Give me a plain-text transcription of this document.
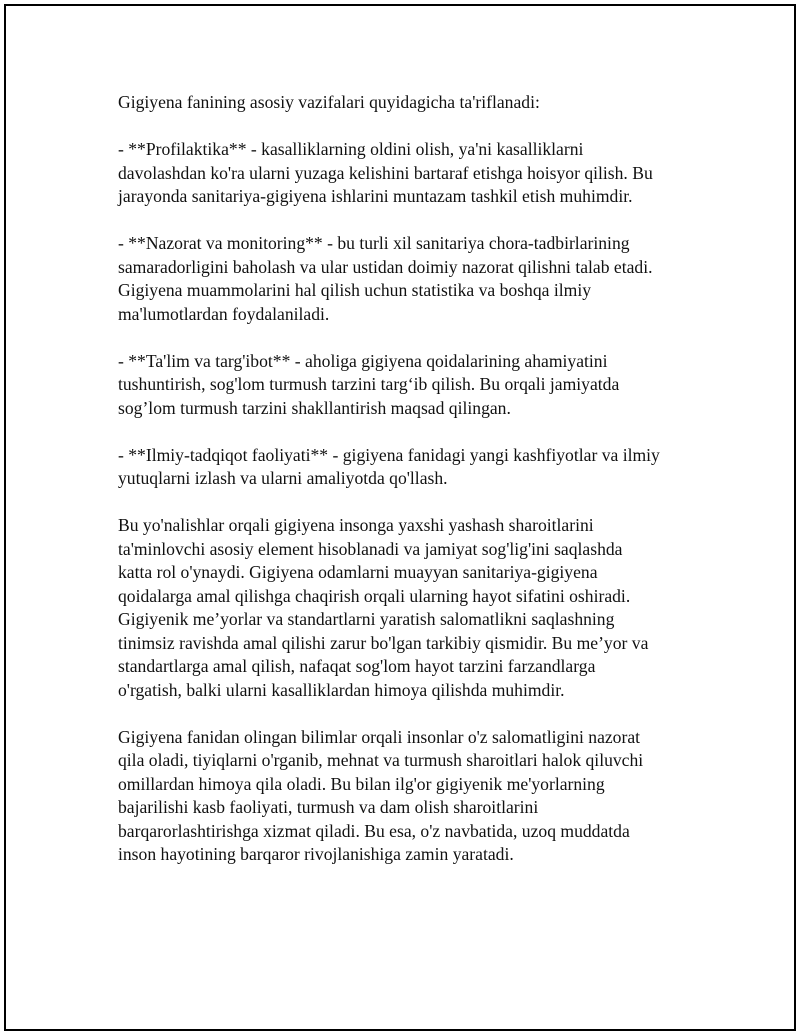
Gigiyena fanining asosiy vazifalari quyidagicha ta'riflanadi:

- **Profilaktika** - kasalliklarning oldini olish, ya'ni kasalliklarni
davolashdan ko'ra ularni yuzaga kelishini bartaraf etishga hoisyor qilish. Bu
jarayonda sanitariya-gigiyena ishlarini muntazam tashkil etish muhimdir.

- **Nazorat va monitoring** - bu turli xil sanitariya chora-tadbirlarining
samaradorligini baholash va ular ustidan doimiy nazorat qilishni talab etadi.
Gigiyena muammolarini hal qilish uchun statistika va boshqa ilmiy
ma'lumotlardan foydalaniladi.

- **Ta'lim va targ'ibot** - aholiga gigiyena qoidalarining ahamiyatini
tushuntirish, sog'lom turmush tarzini targ‘ib qilish. Bu orqali jamiyatda
sog’lom turmush tarzini shakllantirish maqsad qilingan.

- **Ilmiy-tadqiqot faoliyati** - gigiyena fanidagi yangi kashfiyotlar va ilmiy
yutuqlarni izlash va ularni amaliyotda qo'llash.

Bu yo'nalishlar orqali gigiyena insonga yaxshi yashash sharoitlarini
ta'minlovchi asosiy element hisoblanadi va jamiyat sog'lig'ini saqlashda
katta rol o'ynaydi. Gigiyena odamlarni muayyan sanitariya-gigiyena
qoidalarga amal qilishga chaqirish orqali ularning hayot sifatini oshiradi.
Gigiyenik me’yorlar va standartlarni yaratish salomatlikni saqlashning
tinimsiz ravishda amal qilishi zarur bo'lgan tarkibiy qismidir. Bu me’yor va
standartlarga amal qilish, nafaqat sog'lom hayot tarzini farzandlarga
o'rgatish, balki ularni kasalliklardan himoya qilishda muhimdir.

Gigiyena fanidan olingan bilimlar orqali insonlar o'z salomatligini nazorat
qila oladi, tiyiqlarni o'rganib, mehnat va turmush sharoitlari halok qiluvchi
omillardan himoya qila oladi. Bu bilan ilg'or gigiyenik me'yorlarning
bajarilishi kasb faoliyati, turmush va dam olish sharoitlarini
barqarorlashtirishga xizmat qiladi. Bu esa, o'z navbatida, uzoq muddatda
inson hayotining barqaror rivojlanishiga zamin yaratadi.
